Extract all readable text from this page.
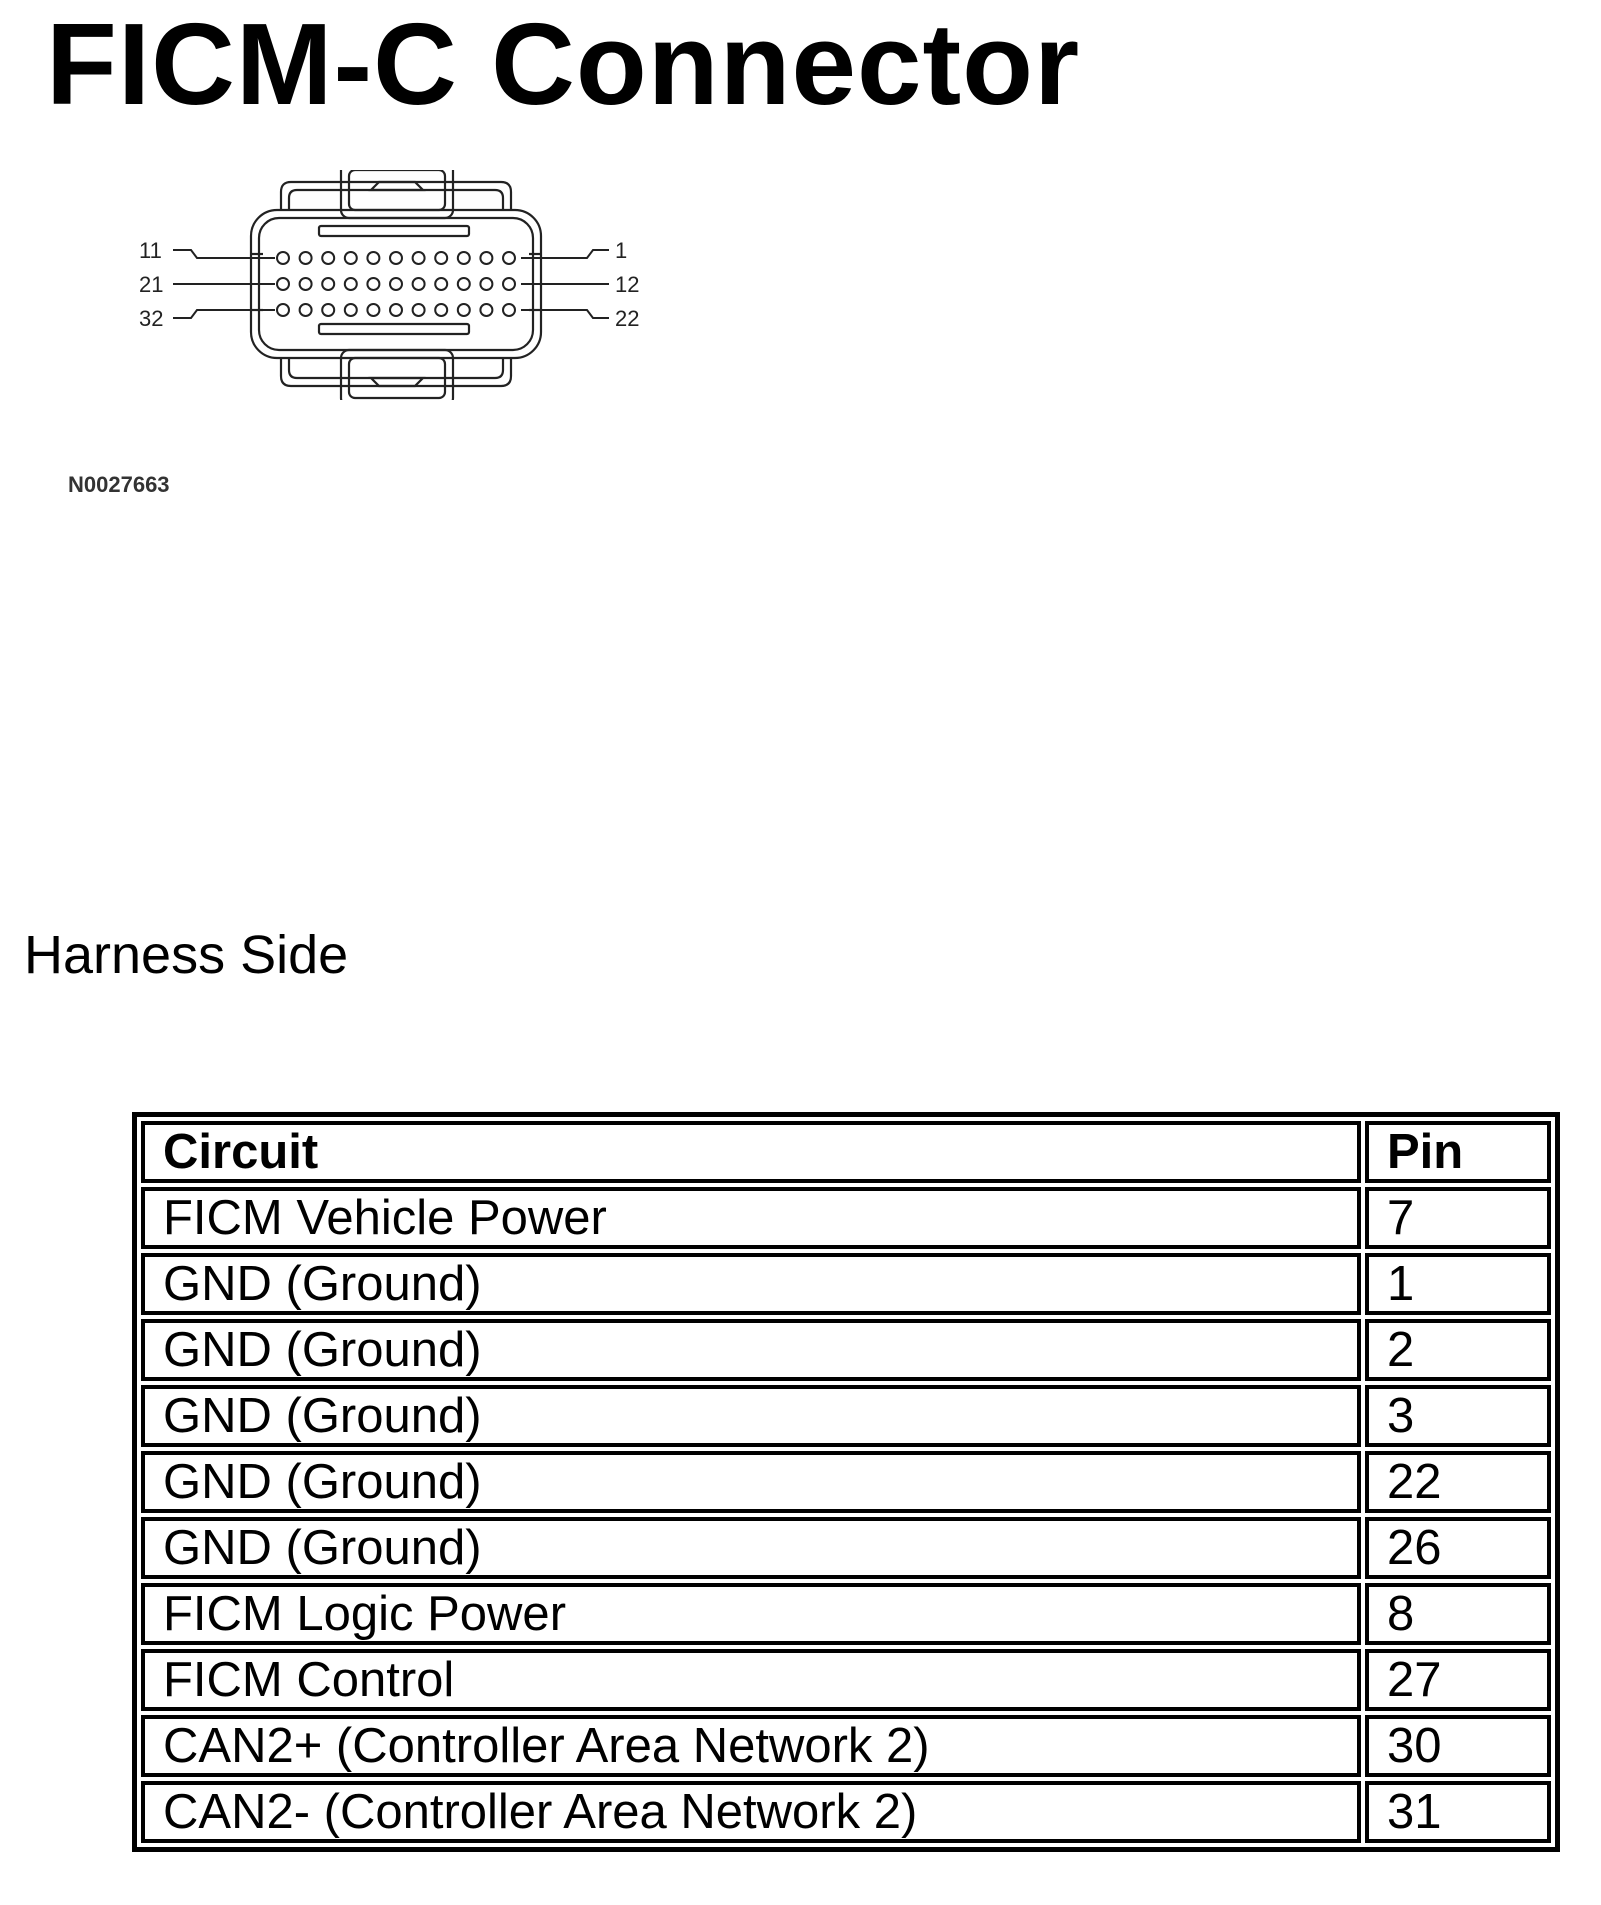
FICM-C Connector
11
21
32
1
12
22
N0027663
Harness Side
Circuit	Pin
FICM Vehicle Power	7
GND (Ground)	1
GND (Ground)	2
GND (Ground)	3
GND (Ground)	22
GND (Ground)	26
FICM Logic Power	8
FICM Control	27
CAN2+ (Controller Area Network 2)	30
CAN2- (Controller Area Network 2)	31
